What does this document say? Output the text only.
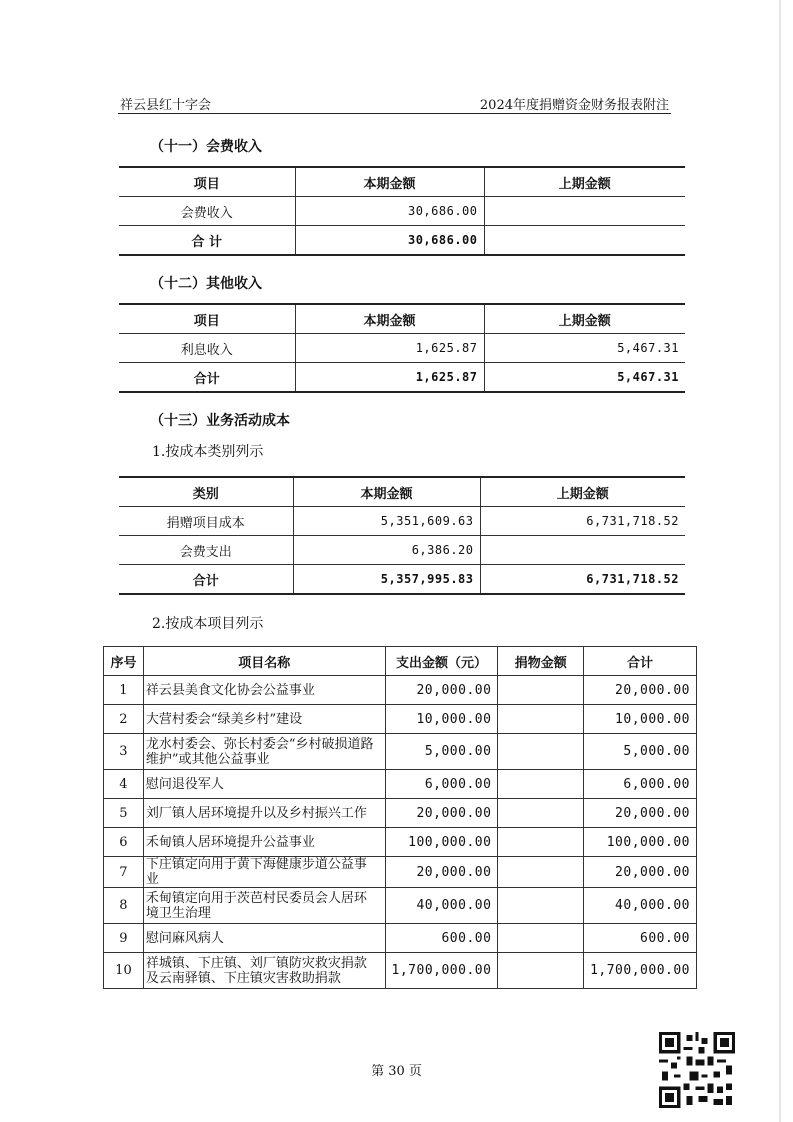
祥云县红十字会	2024年度捐赠资金财务报表附注
（十一）会费收入
项目	本期金额	上期金额
会费收入	30,686.00	
合 计	30,686.00	
（十二）其他收入
项目	本期金额	上期金额
利息收入	1,625.87	5,467.31
合计	1,625.87	5,467.31
（十三）业务活动成本
1.按成本类别列示
类别	本期金额	上期金额
捐赠项目成本	5,351,609.63	6,731,718.52
会费支出	6,386.20	
合计	5,357,995.83	6,731,718.52
2.按成本项目列示
序号	项目名称	支出金额（元）	捐物金额	合计
1	祥云县美食文化协会公益事业	20,000.00		20,000.00
2	大营村委会“绿美乡村”建设	10,000.00		10,000.00
3	龙水村委会、弥长村委会“乡村破损道路维护”或其他公益事业	5,000.00		5,000.00
4	慰问退役军人	6,000.00		6,000.00
5	刘厂镇人居环境提升以及乡村振兴工作	20,000.00		20,000.00
6	禾甸镇人居环境提升公益事业	100,000.00		100,000.00
7	下庄镇定向用于黄下海健康步道公益事业	20,000.00		20,000.00
8	禾甸镇定向用于茨芭村民委员会人居环境卫生治理	40,000.00		40,000.00
9	慰问麻风病人	600.00		600.00
10	祥城镇、下庄镇、刘厂镇防灾救灾捐款及云南驿镇、下庄镇灾害救助捐款	1,700,000.00		1,700,000.00
第 30 页
